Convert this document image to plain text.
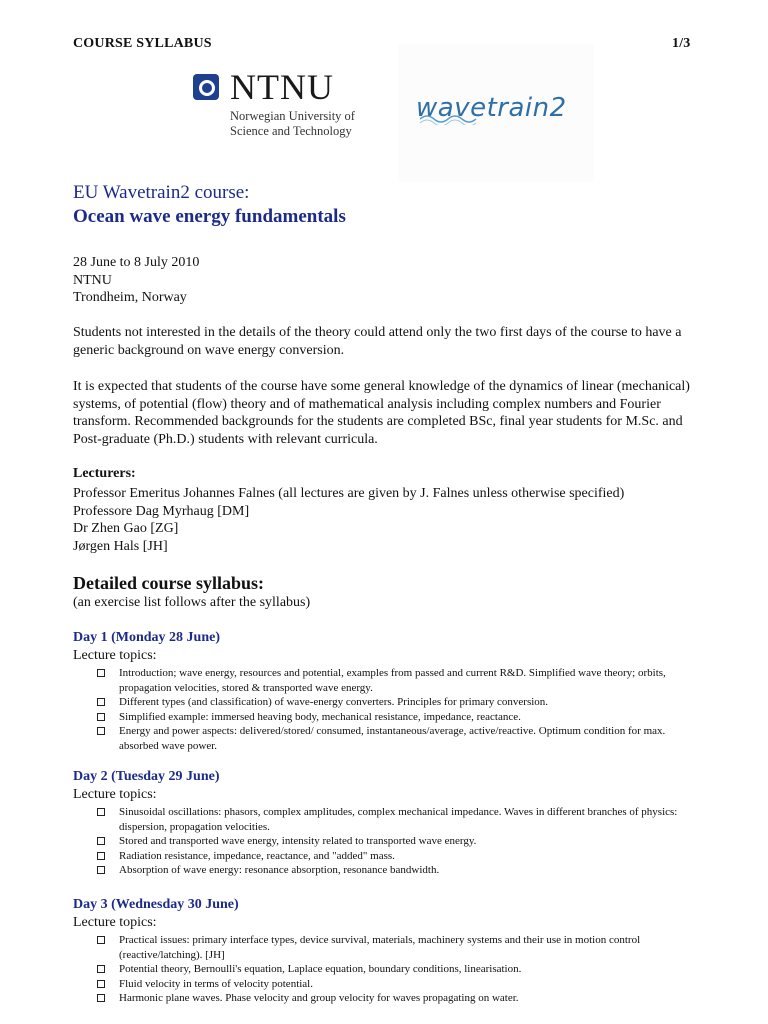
COURSE SYLLABUS	1/3
NTNU
Norwegian University of
Science and Technology
wavetrain2
EU Wavetrain2 course:
Ocean wave energy fundamentals
28 June to 8 July 2010
NTNU
Trondheim, Norway
Students not interested in the details of the theory could attend only the two first days of the course to have a generic background on wave energy conversion.
It is expected that students of the course have some general knowledge of the dynamics of linear (mechanical) systems, of potential (flow) theory and of mathematical analysis including complex numbers and Fourier transform. Recommended backgrounds for the students are completed BSc, final year students for M.Sc. and Post-graduate (Ph.D.) students with relevant curricula.
Lecturers:
Professor Emeritus Johannes Falnes (all lectures are given by J. Falnes unless otherwise specified)
Professore Dag Myrhaug [DM]
Dr Zhen Gao [ZG]
Jørgen Hals [JH]
Detailed course syllabus:
(an exercise list follows after the syllabus)
Day 1 (Monday 28 June)
Lecture topics:
Introduction; wave energy, resources and potential, examples from passed and current R&D. Simplified wave theory; orbits, propagation velocities, stored & transported wave energy.
Different types (and classification) of wave-energy converters. Principles for primary conversion.
Simplified example: immersed heaving body, mechanical resistance, impedance, reactance.
Energy and power aspects: delivered/stored/ consumed, instantaneous/average, active/reactive. Optimum condition for max. absorbed wave power.
Day 2 (Tuesday 29 June)
Lecture topics:
Sinusoidal oscillations: phasors, complex amplitudes, complex mechanical impedance. Waves in different branches of physics: dispersion, propagation velocities.
Stored and transported wave energy, intensity related to transported wave energy.
Radiation resistance, impedance, reactance, and "added" mass.
Absorption of wave energy: resonance absorption, resonance bandwidth.
Day 3 (Wednesday 30 June)
Lecture topics:
Practical issues: primary interface types, device survival, materials, machinery systems and their use in motion control (reactive/latching). [JH]
Potential theory, Bernoulli's equation, Laplace equation, boundary conditions, linearisation.
Fluid velocity in terms of velocity potential.
Harmonic plane waves. Phase velocity and group velocity for waves propagating on water.
